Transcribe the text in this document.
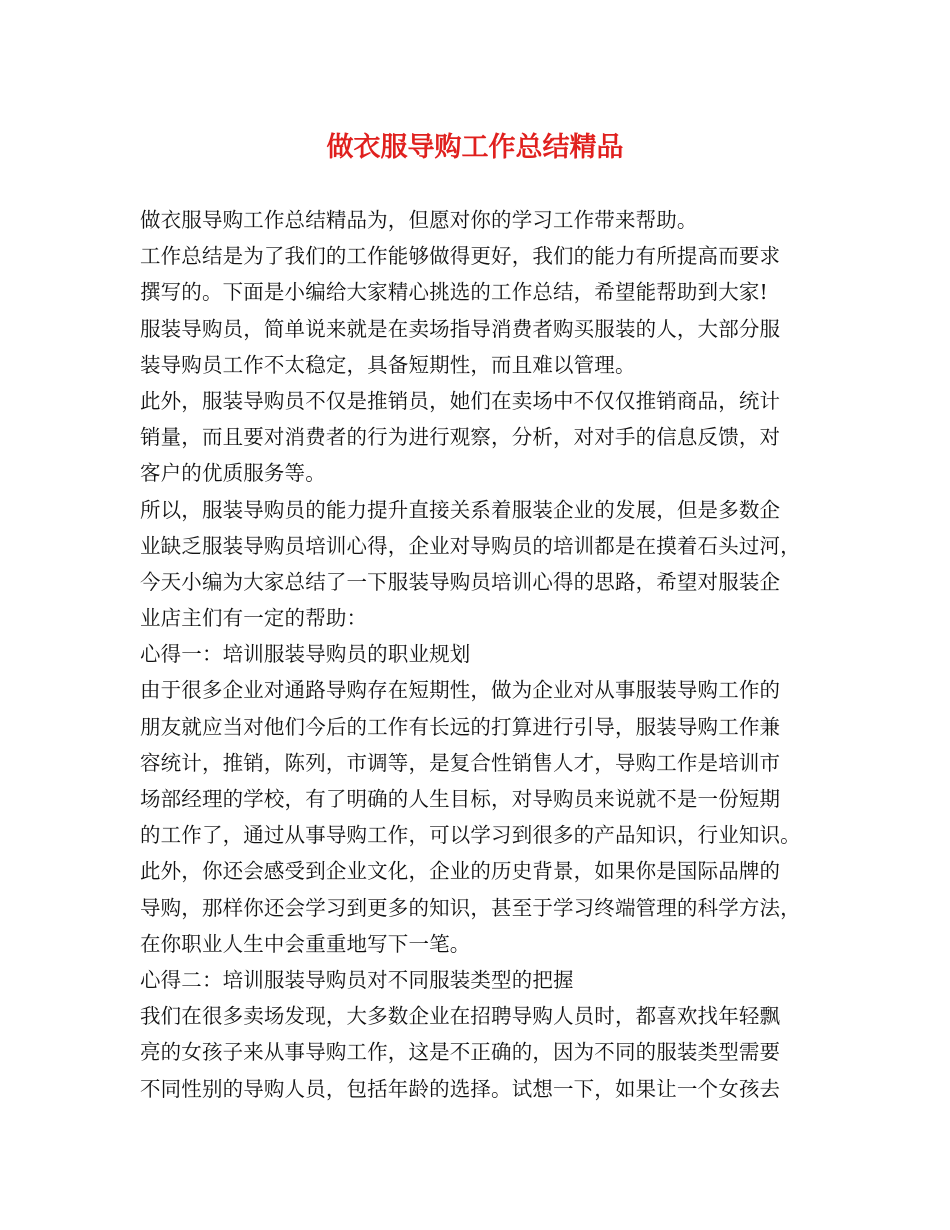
做衣服导购工作总结精品
做衣服导购工作总结精品为，但愿对你的学习工作带来帮助。
工作总结是为了我们的工作能够做得更好，我们的能力有所提高而要求
撰写的。下面是小编给大家精心挑选的工作总结，希望能帮助到大家!
服装导购员，简单说来就是在卖场指导消费者购买服装的人，大部分服
装导购员工作不太稳定，具备短期性，而且难以管理。
此外，服装导购员不仅是推销员，她们在卖场中不仅仅推销商品，统计
销量，而且要对消费者的行为进行观察，分析，对对手的信息反馈，对
客户的优质服务等。
所以，服装导购员的能力提升直接关系着服装企业的发展，但是多数企
业缺乏服装导购员培训心得，企业对导购员的培训都是在摸着石头过河，
今天小编为大家总结了一下服装导购员培训心得的思路，希望对服装企
业店主们有一定的帮助：
心得一：培训服装导购员的职业规划
由于很多企业对通路导购存在短期性，做为企业对从事服装导购工作的
朋友就应当对他们今后的工作有长远的打算进行引导，服装导购工作兼
容统计，推销，陈列，市调等，是复合性销售人才，导购工作是培训市
场部经理的学校，有了明确的人生目标，对导购员来说就不是一份短期
的工作了，通过从事导购工作，可以学习到很多的产品知识，行业知识。
此外，你还会感受到企业文化，企业的历史背景，如果你是国际品牌的
导购，那样你还会学习到更多的知识，甚至于学习终端管理的科学方法，
在你职业人生中会重重地写下一笔。
心得二：培训服装导购员对不同服装类型的把握
我们在很多卖场发现，大多数企业在招聘导购人员时，都喜欢找年轻飘
亮的女孩子来从事导购工作，这是不正确的，因为不同的服装类型需要
不同性别的导购人员，包括年龄的选择。试想一下，如果让一个女孩去
